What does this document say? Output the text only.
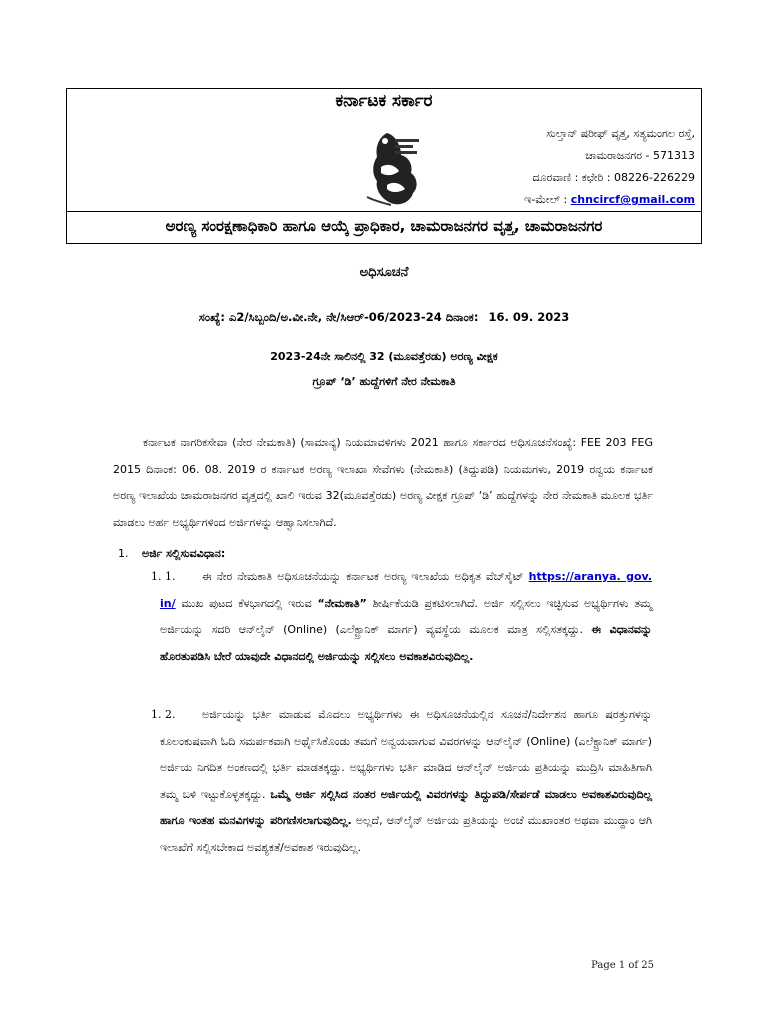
ಕರ್ನಾಟಕ ಸರ್ಕಾರ
ಸುಲ್ತಾನ್ ಷರೀಫ್ ವೃತ್ತ, ಸತ್ಯಮಂಗಲ ರಸ್ತೆ,
ಚಾಮರಾಜನಗರ - 571313
ದೂರವಾಣಿ : ಕಛೇರಿ : 08226-226229
ಇ-ಮೇಲ್ : chncircf@gmail.com
ಅರಣ್ಯ ಸಂರಕ್ಷಣಾಧಿಕಾರಿ ಹಾಗೂ ಆಯ್ಕೆ ಪ್ರಾಧಿಕಾರ, ಚಾಮರಾಜನಗರ ವೃತ್ತ, ಚಾಮರಾಜನಗರ
ಅಧಿಸೂಚನೆ
ಸಂಖ್ಯೆ: ಎ2/ಸಿಬ್ಬಂದಿ/ಅ.ವೀ.ನೇ, ನೇ/ಸಿಆರ್-06/2023-24 ದಿನಾಂಕ: 16. 09. 2023
2023-24ನೇ ಸಾಲಿನಲ್ಲಿ 32 (ಮೂವತ್ತೆರಡು) ಅರಣ್ಯ ವೀಕ್ಷಕ
ಗ್ರೂಪ್ ‘ಡಿ’ ಹುದ್ದೆಗಳಿಗೆ ನೇರ ನೇಮಕಾತಿ
ಕರ್ನಾಟಕ ನಾಗರಿಕಸೇವಾ (ನೇರ ನೇಮಕಾತಿ) (ಸಾಮಾನ್ಯ) ನಿಯಮಾವಳಿಗಳು 2021 ಹಾಗೂ ಸರ್ಕಾರದ ಅಧಿಸೂಚನೆಸಂಖ್ಯೆ: FEE 203 FEG 2015 ದಿನಾಂಕ: 06. 08. 2019 ರ ಕರ್ನಾಟಕ ಅರಣ್ಯ ಇಲಾಖಾ ಸೇವೆಗಳು (ನೇಮಕಾತಿ) (ತಿದ್ದುಪಡಿ) ನಿಯಮಗಳು, 2019 ರನ್ವಯ ಕರ್ನಾಟಕ ಅರಣ್ಯ ಇಲಾಖೆಯ ಚಾಮರಾಜನಗರ ವೃತ್ತದಲ್ಲಿ ಖಾಲಿ ಇರುವ 32(ಮೂವತ್ತೆರಡು) ಅರಣ್ಯ ವೀಕ್ಷಕ ಗ್ರೂಪ್ ‘ಡಿ’ ಹುದ್ದೆಗಳನ್ನು ನೇರ ನೇಮಕಾತಿ ಮೂಲಕ ಭರ್ತಿ ಮಾಡಲು ಅರ್ಹ ಅಭ್ಯರ್ಥಿಗಳಿಂದ ಅರ್ಜಿಗಳನ್ನು ಆಹ್ವಾನಿಸಲಾಗಿದೆ.
1. ಅರ್ಜಿ ಸಲ್ಲಿಸುವವಿಧಾನ:
1. 1.	ಈ ನೇರ ನೇಮಕಾತಿ ಅಧಿಸೂಚನೆಯನ್ನು ಕರ್ನಾಟಕ ಅರಣ್ಯ ಇಲಾಖೆಯ ಅಧಿಕೃತ ವೆಬ್‌ಸೈಟ್ https://aranya. gov. in/ ಮುಖ ಪುಟದ ಕೆಳಭಾಗದಲ್ಲಿ ಇರುವ “ನೇಮಕಾತಿ” ಶೀರ್ಷಿಕೆಯಡಿ ಪ್ರಕಟಿಸಲಾಗಿದೆ. ಅರ್ಜಿ ಸಲ್ಲಿಸಲು ಇಚ್ಛಿಸುವ ಅಭ್ಯರ್ಥಿಗಳು ತಮ್ಮ ಅರ್ಜಿಯನ್ನು ಸದರಿ ಆನ್‌ಲೈನ್ (Online) (ಎಲೆಕ್ಟ್ರಾನಿಕ್ ಮಾರ್ಗ) ವ್ಯವಸ್ಥೆಯ ಮೂಲಕ ಮಾತ್ರ ಸಲ್ಲಿಸತಕ್ಕದ್ದು. ಈ ವಿಧಾನವನ್ನು ಹೊರತುಪಡಿಸಿ ಬೇರೆ ಯಾವುದೇ ವಿಧಾನದಲ್ಲಿ ಅರ್ಜಿಯನ್ನು ಸಲ್ಲಿಸಲು ಅವಕಾಶವಿರುವುದಿಲ್ಲ.
1. 2.	ಅರ್ಜಿಯನ್ನು ಭರ್ತಿ ಮಾಡುವ ಮೊದಲು ಅಭ್ಯರ್ಥಿಗಳು ಈ ಅಧಿಸೂಚನೆಯಲ್ಲಿನ ಸೂಚನೆ/ನಿರ್ದೇಶನ ಹಾಗೂ ಷರತ್ತುಗಳನ್ನು ಕೂಲಂಕುಷವಾಗಿ ಓದಿ ಸಮರ್ಪಕವಾಗಿ ಅರ್ಥೈಸಿಕೊಂಡು ತಮಗೆ ಅನ್ವಯವಾಗುವ ವಿವರಗಳನ್ನು ಆನ್‌ಲೈನ್ (Online) (ಎಲೆಕ್ಟ್ರಾನಿಕ್ ಮಾರ್ಗ) ಅರ್ಜಿಯ ನಿಗದಿತ ಅಂಕಣದಲ್ಲಿ ಭರ್ತಿ ಮಾಡತಕ್ಕದ್ದು. ಅಭ್ಯರ್ಥಿಗಳು ಭರ್ತಿ ಮಾಡಿದ ಆನ್‌ಲೈನ್ ಅರ್ಜಿಯ ಪ್ರತಿಯನ್ನು ಮುದ್ರಿಸಿ ಮಾಹಿತಿಗಾಗಿ ತಮ್ಮ ಬಳಿ ಇಟ್ಟುಕೊಳ್ಳತಕ್ಕದ್ದು. ಒಮ್ಮೆ ಅರ್ಜಿ ಸಲ್ಲಿಸಿದ ನಂತರ ಅರ್ಜಿಯಲ್ಲಿ ವಿವರಗಳನ್ನು ತಿದ್ದುಪಡಿ/ಸೇರ್ಪಡೆ ಮಾಡಲು ಅವಕಾಶವಿರುವುದಿಲ್ಲ ಹಾಗೂ ಇಂತಹ ಮನವಿಗಳನ್ನು ಪರಿಗಣಿಸಲಾಗುವುದಿಲ್ಲ. ಅಲ್ಲದೆ, ಆನ್‌ಲೈನ್ ಅರ್ಜಿಯ ಪ್ರತಿಯನ್ನು ಅಂಚೆ ಮುಖಾಂತರ ಅಥವಾ ಮುದ್ದಾಂ ಆಗಿ ಇಲಾಖೆಗೆ ಸಲ್ಲಿಸಬೇಕಾದ ಅವಶ್ಯಕತೆ/ಅವಕಾಶ ಇರುವುದಿಲ್ಲ.
Page 1 of 25
